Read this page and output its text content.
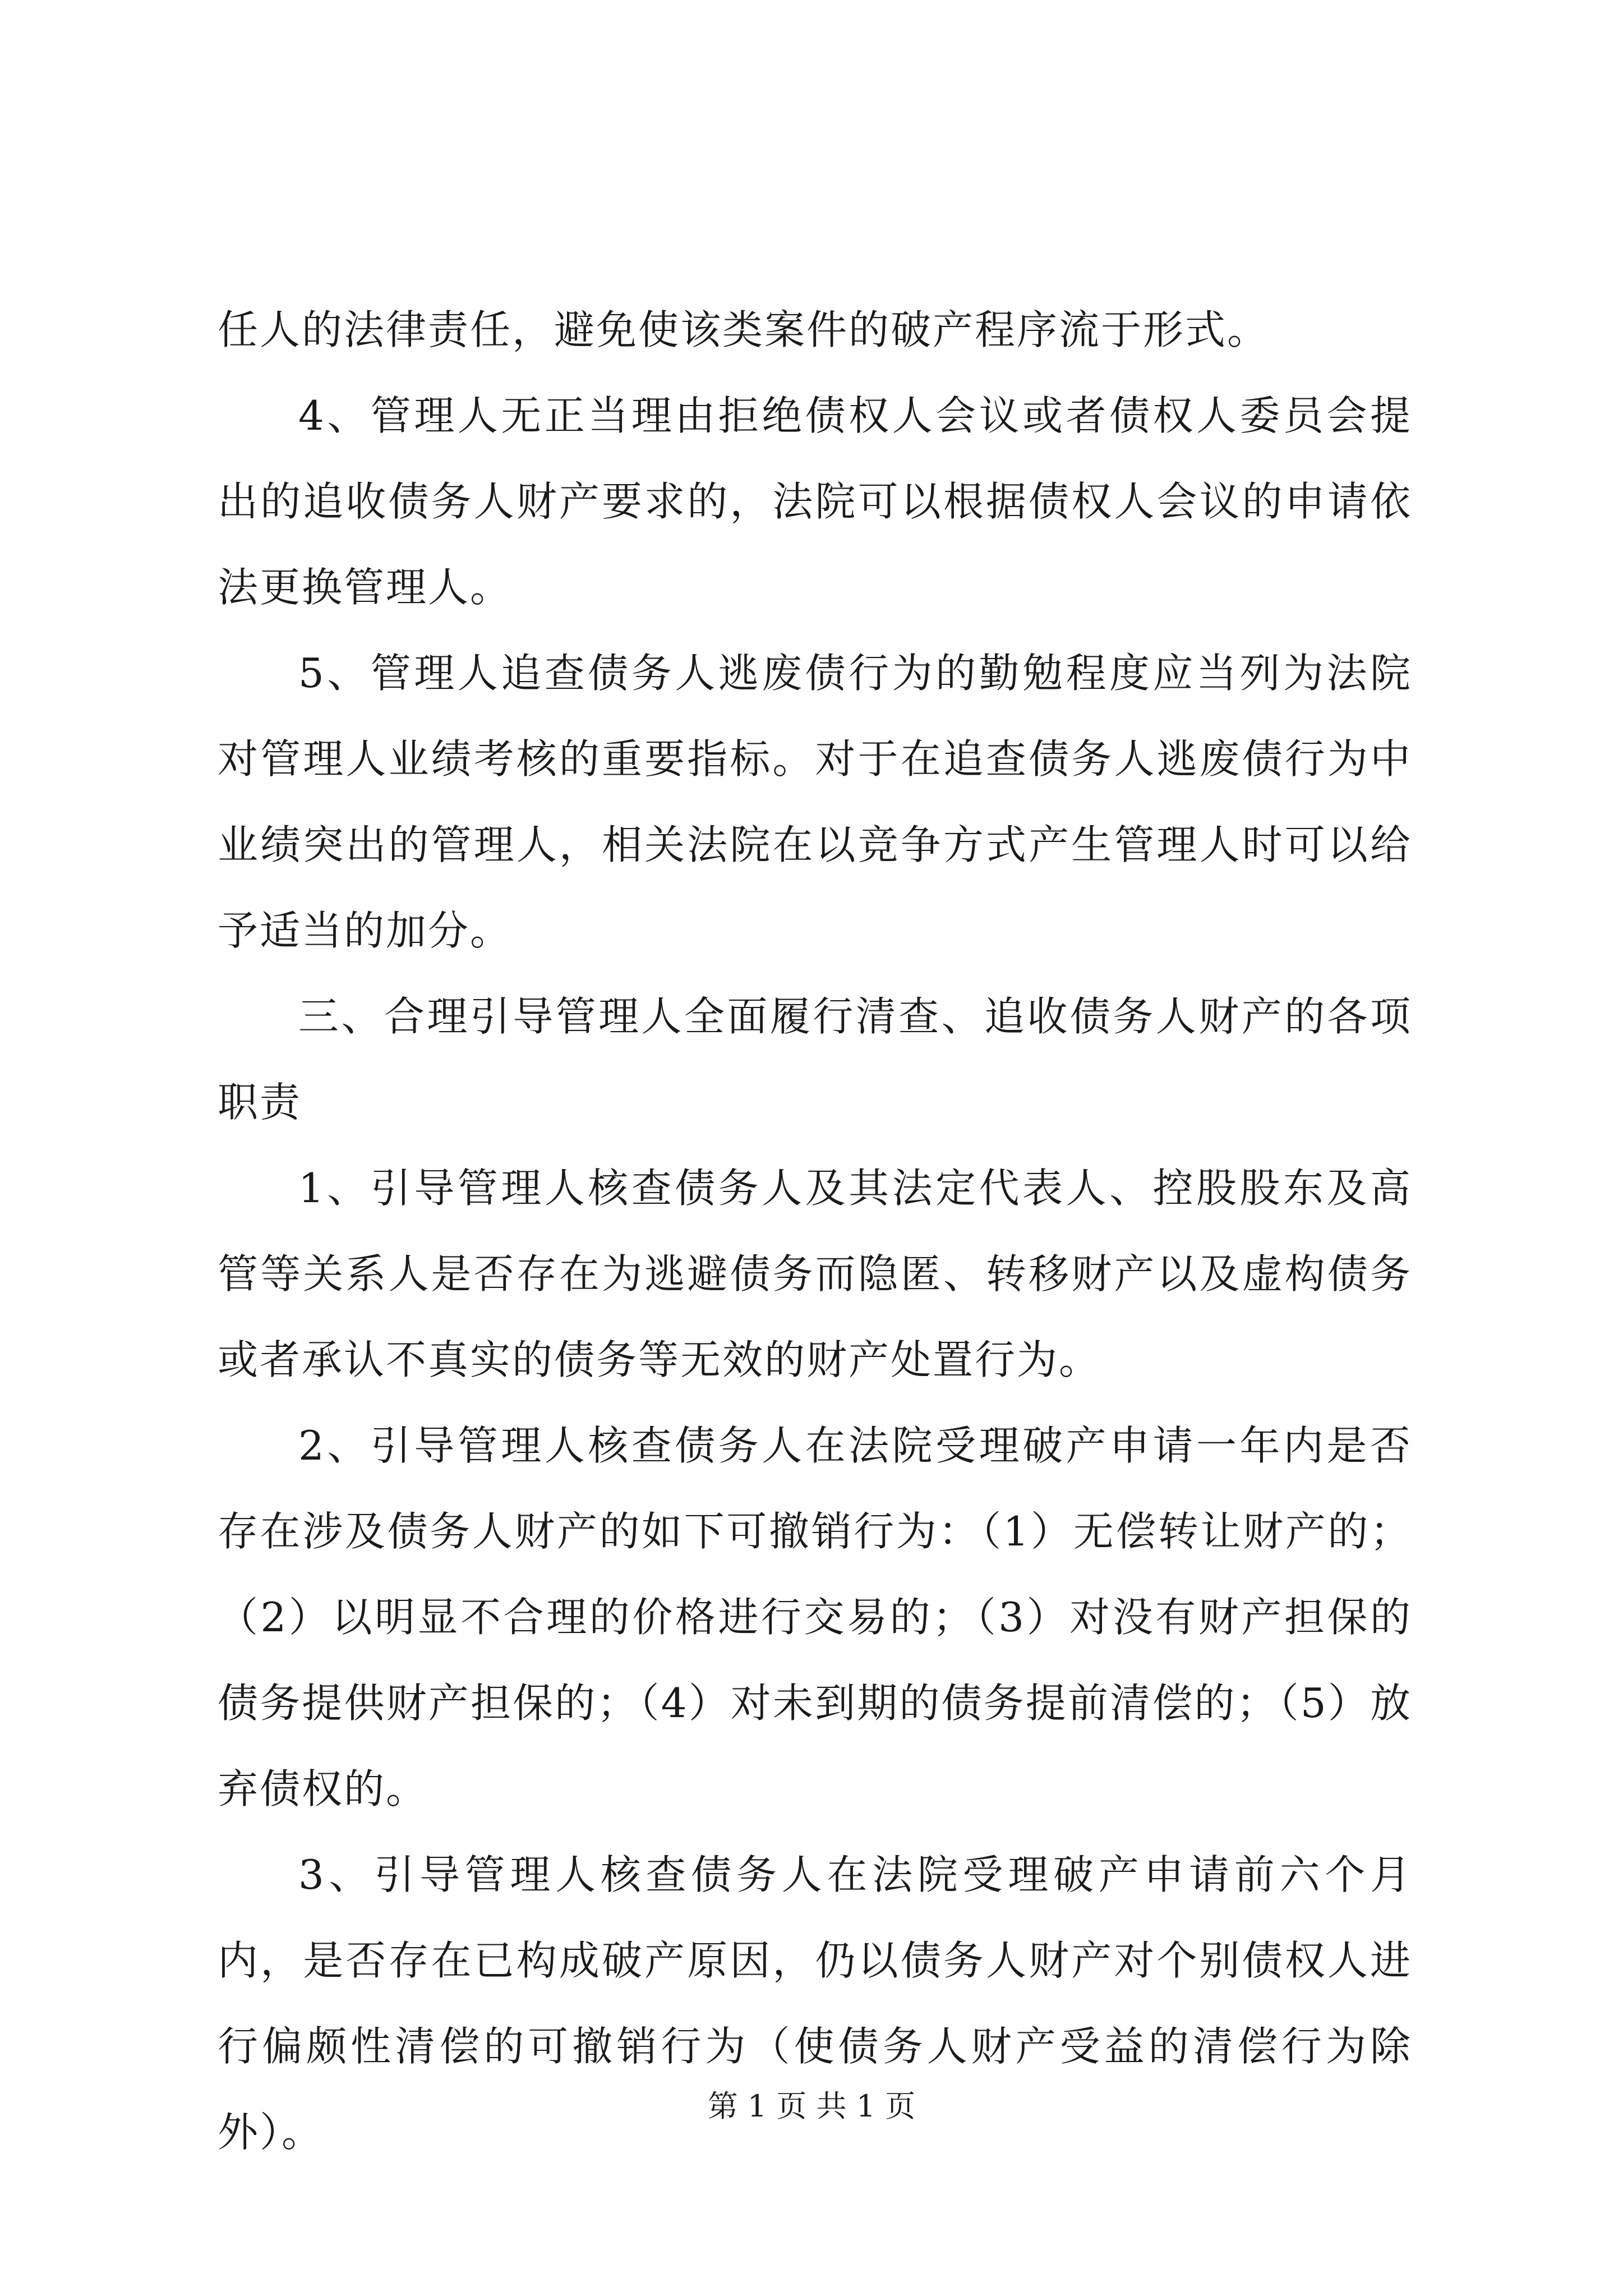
任人的法律责任，避免使该类案件的破产程序流于形式。

4、管理人无正当理由拒绝债权人会议或者债权人委员会提出的追收债务人财产要求的，法院可以根据债权人会议的申请依法更换管理人。

5、管理人追查债务人逃废债行为的勤勉程度应当列为法院对管理人业绩考核的重要指标。对于在追查债务人逃废债行为中业绩突出的管理人，相关法院在以竞争方式产生管理人时可以给予适当的加分。

三、合理引导管理人全面履行清查、追收债务人财产的各项职责

1、引导管理人核查债务人及其法定代表人、控股股东及高管等关系人是否存在为逃避债务而隐匿、转移财产以及虚构债务或者承认不真实的债务等无效的财产处置行为。

2、引导管理人核查债务人在法院受理破产申请一年内是否存在涉及债务人财产的如下可撤销行为：（1）无偿转让财产的；（2）以明显不合理的价格进行交易的；（3）对没有财产担保的债务提供财产担保的；（4）对未到期的债务提前清偿的；（5）放弃债权的。

3、引导管理人核查债务人在法院受理破产申请前六个月内，是否存在已构成破产原因，仍以债务人财产对个别债权人进行偏颇性清偿的可撤销行为（使债务人财产受益的清偿行为除外）。

第 1 页 共 1 页
